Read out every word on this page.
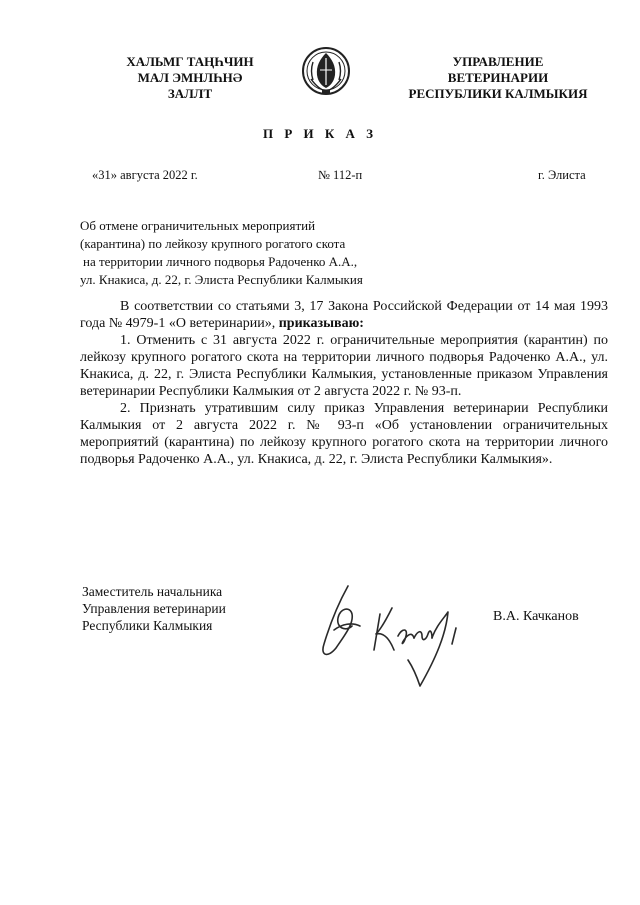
ХАЛЬМГ ТАҢҺЧИН
МАЛ ЭМНЛҺНӘ
ЗАЛЛТ
УПРАВЛЕНИЕ
ВЕТЕРИНАРИИ
РЕСПУБЛИКИ КАЛМЫКИЯ
П Р И К А З
«31» августа 2022 г.	№ 112-п	г. Элиста
Об отмене ограничительных мероприятий
(карантина) по лейкозу крупного рогатого скота
на территории личного подворья Радоченко А.А.,
ул. Кнакиса, д. 22, г. Элиста Республики Калмыкия

В соответствии со статьями 3, 17 Закона Российской Федерации от 14 мая 1993 года № 4979-1 «О ветеринарии», приказываю:

1. Отменить с 31 августа 2022 г. ограничительные мероприятия (карантин) по лейкозу крупного рогатого скота на территории личного подворья Радоченко А.А., ул. Кнакиса, д. 22, г. Элиста Республики Калмыкия, установленные приказом Управления ветеринарии Республики Калмыкия от 2 августа 2022 г. № 93-п.

2. Признать утратившим силу приказ Управления ветеринарии Республики Калмыкия от 2 августа 2022 г. № 93-п «Об установлении ограничительных мероприятий (карантина) по лейкозу крупного рогатого скота на территории личного подворья Радоченко А.А., ул. Кнакиса, д. 22, г. Элиста Республики Калмыкия».

Заместитель начальника
Управления ветеринарии
Республики Калмыкия
В.А. Качканов
